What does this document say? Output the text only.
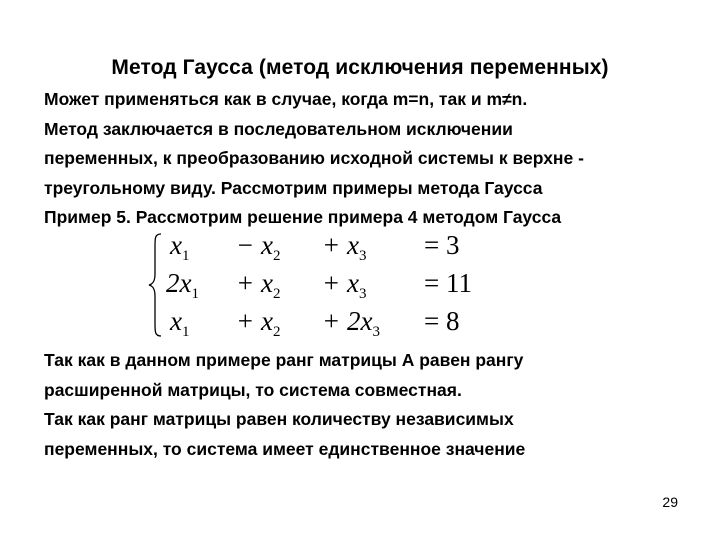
Метод Гаусса (метод исключения переменных)
Может применяться как в случае, когда m=n, так и m≠n.
Метод заключается в последовательном исключении
переменных, к преобразованию исходной системы к верхне -
треугольному виду. Рассмотрим примеры метода Гаусса
Пример 5. Рассмотрим решение примера 4 методом Гаусса
$x_1 - x_2 + x_3 = 3$
$2x_1 + x_2 + x_3 = 11$
$x_1 + x_2 + 2x_3 = 8$
Так как в данном примере ранг матрицы А равен рангу
расширенной матрицы, то система совместная.
Так как ранг матрицы равен количеству независимых
переменных, то система имеет единственное значение
29
